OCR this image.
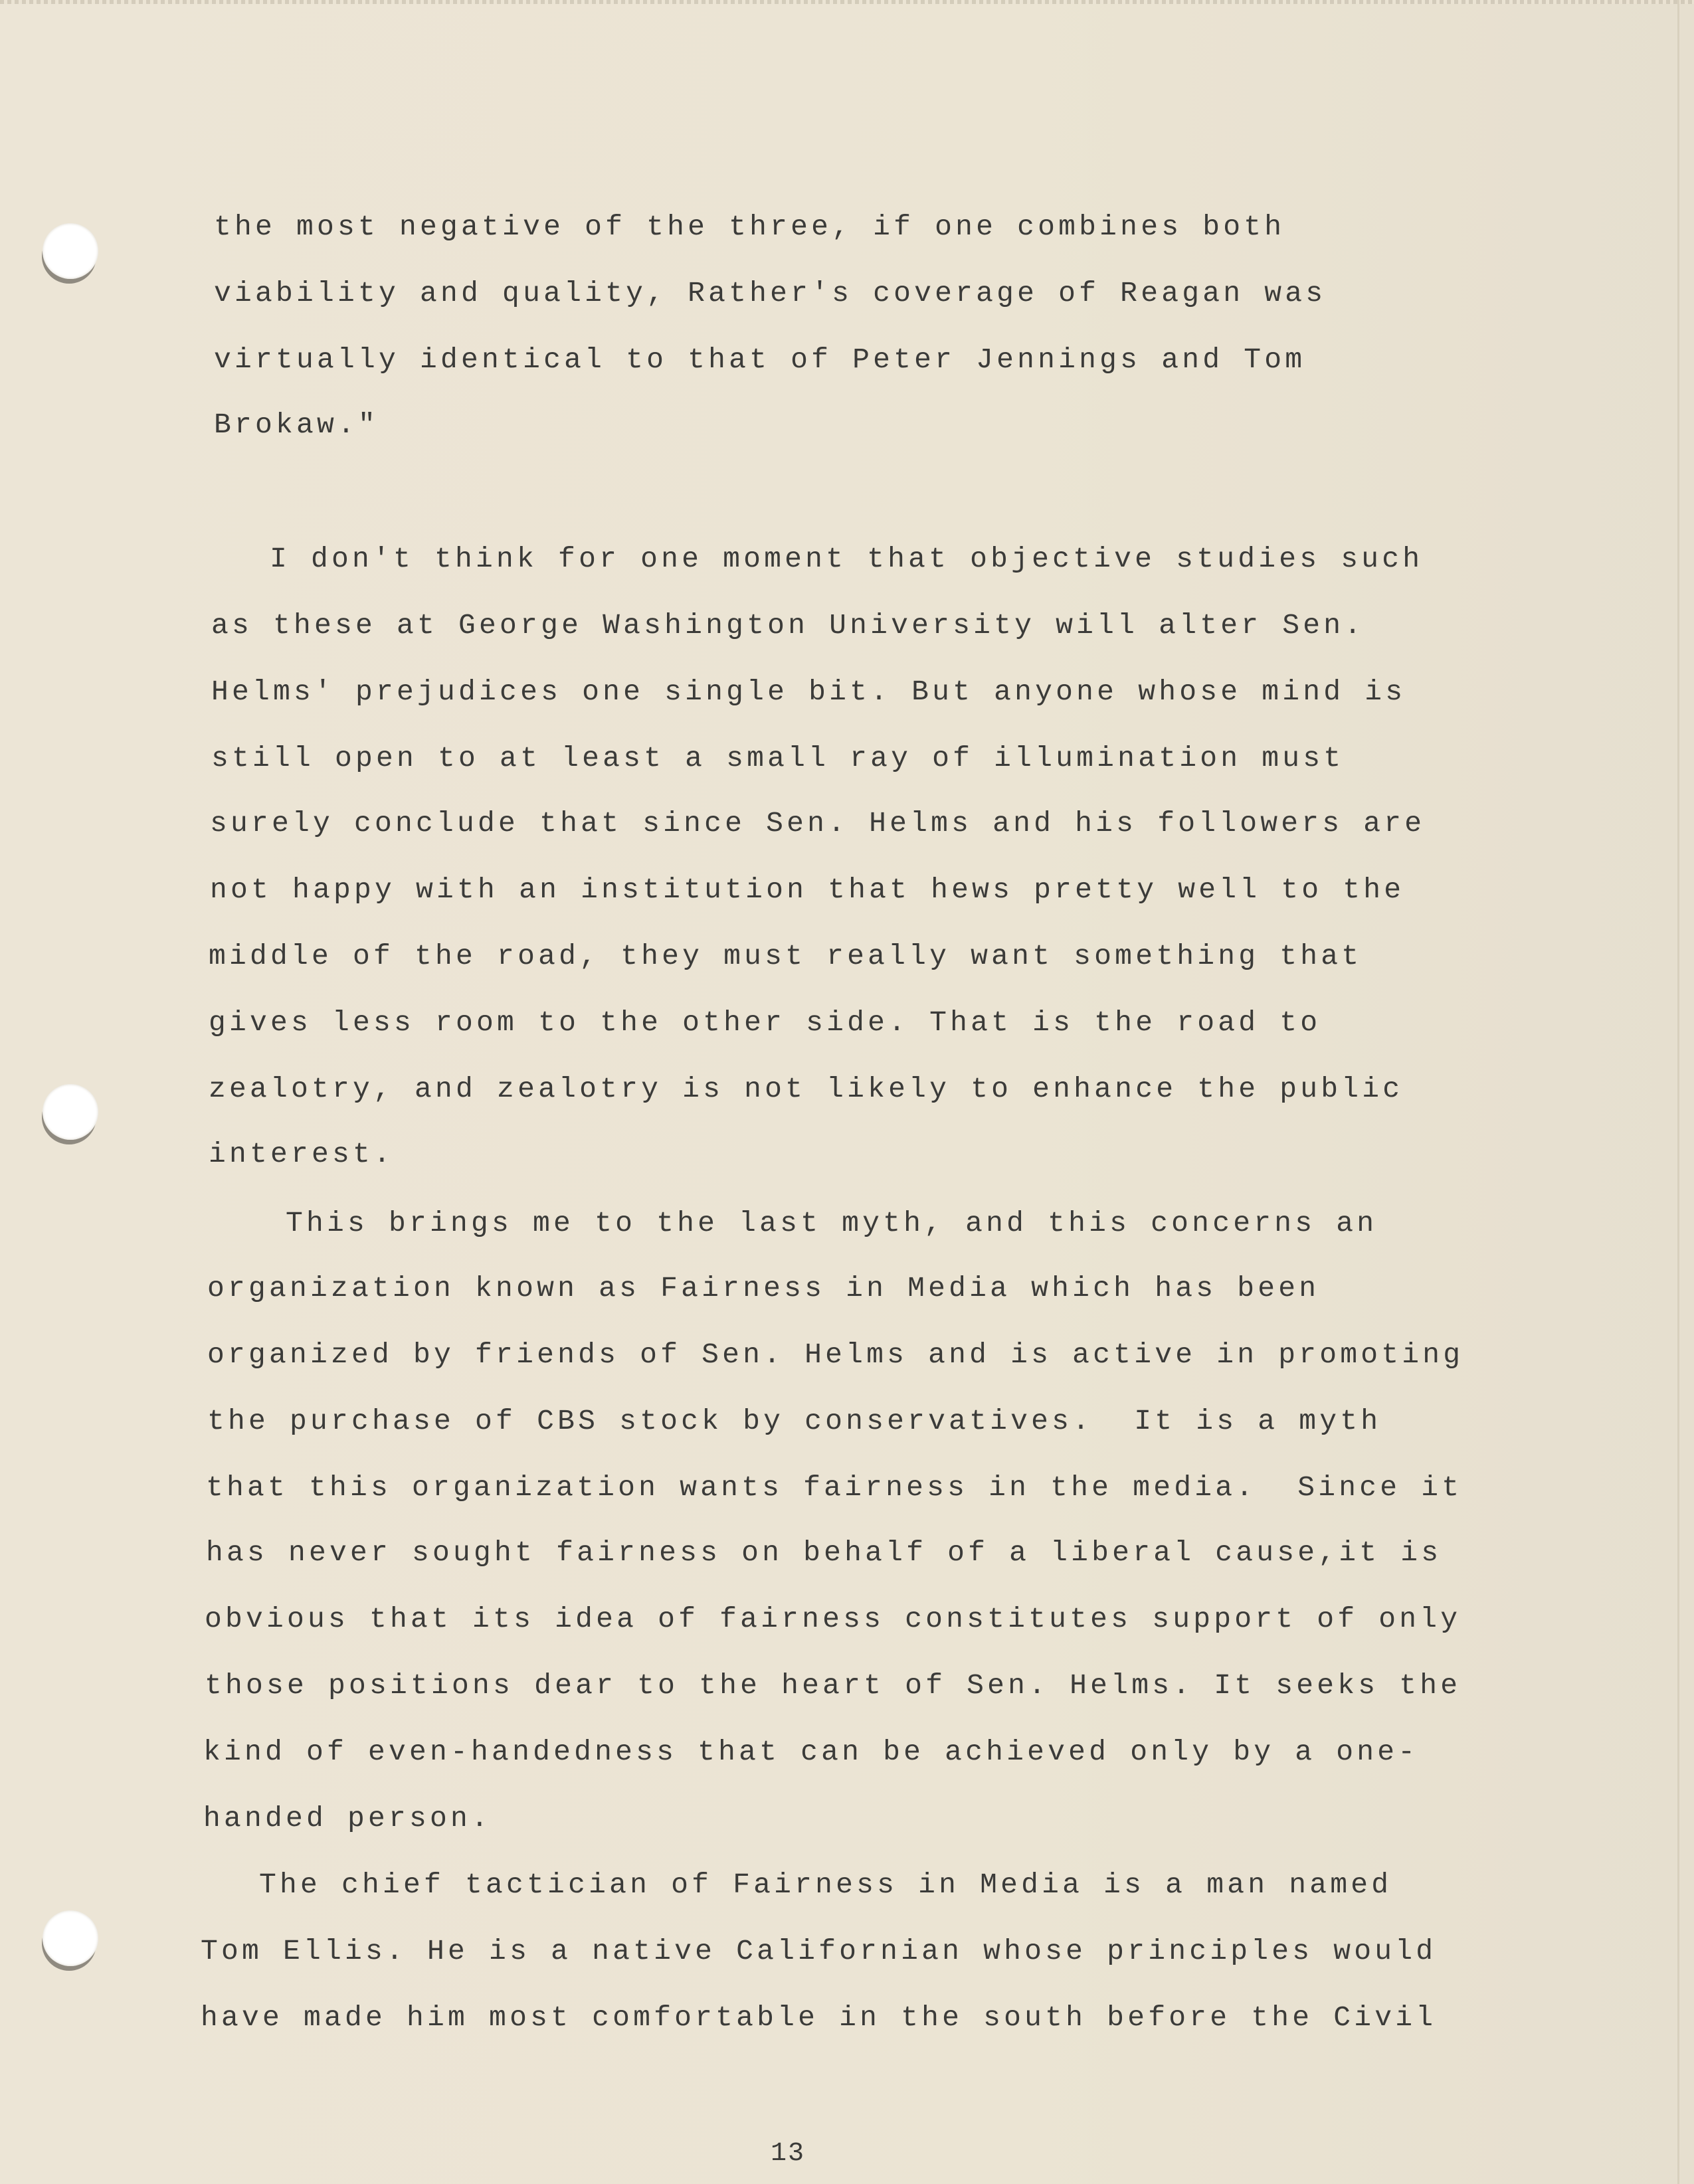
the most negative of the three, if one combines both

viability and quality, Rather's coverage of Reagan was

virtually identical to that of Peter Jennings and Tom

Brokaw."

I don't think for one moment that objective studies such

as these at George Washington University will alter Sen.

Helms' prejudices one single bit. But anyone whose mind is

still open to at least a small ray of illumination must

surely conclude that since Sen. Helms and his followers are

not happy with an institution that hews pretty well to the

middle of the road, they must really want something that

gives less room to the other side. That is the road to

zealotry, and zealotry is not likely to enhance the public

interest.

This brings me to the last myth, and this concerns an

organization known as Fairness in Media which has been

organized by friends of Sen. Helms and is active in promoting

the purchase of CBS stock by conservatives.  It is a myth

that this organization wants fairness in the media.  Since it

has never sought fairness on behalf of a liberal cause,it is

obvious that its idea of fairness constitutes support of only

those positions dear to the heart of Sen. Helms. It seeks the

kind of even-handedness that can be achieved only by a one-

handed person.

The chief tactician of Fairness in Media is a man named

Tom Ellis. He is a native Californian whose principles would

have made him most comfortable in the south before the Civil

13
